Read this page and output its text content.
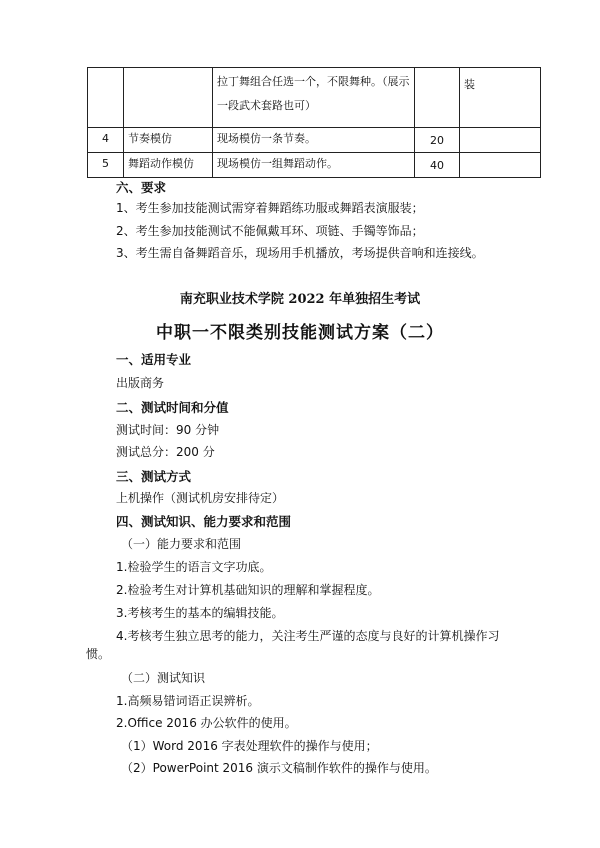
		拉丁舞组合任选一个，不限舞种。（展示
一段武术套路也可）		装
4	节奏模仿	现场模仿一条节奏。	20	
5	舞蹈动作模仿	现场模仿一组舞蹈动作。	40	
六、要求
1、考生参加技能测试需穿着舞蹈练功服或舞蹈表演服装；
2、考生参加技能测试不能佩戴耳环、项链、手镯等饰品；
3、考生需自备舞蹈音乐，现场用手机播放，考场提供音响和连接线。
南充职业技术学院 2022 年单独招生考试
中职一不限类别技能测试方案（二）
一、适用专业
出版商务
二、测试时间和分值
测试时间：90 分钟
测试总分：200 分
三、测试方式
上机操作（测试机房安排待定）
四、测试知识、能力要求和范围
（一）能力要求和范围
1.检验学生的语言文字功底。
2.检验考生对计算机基础知识的理解和掌握程度。
3.考核考生的基本的编辑技能。
4.考核考生独立思考的能力，关注考生严谨的态度与良好的计算机操作习
惯。
（二）测试知识
1.高频易错词语正误辨析。
2.Office 2016 办公软件的使用。
（1）Word 2016 字表处理软件的操作与使用；
（2）PowerPoint 2016 演示文稿制作软件的操作与使用。
